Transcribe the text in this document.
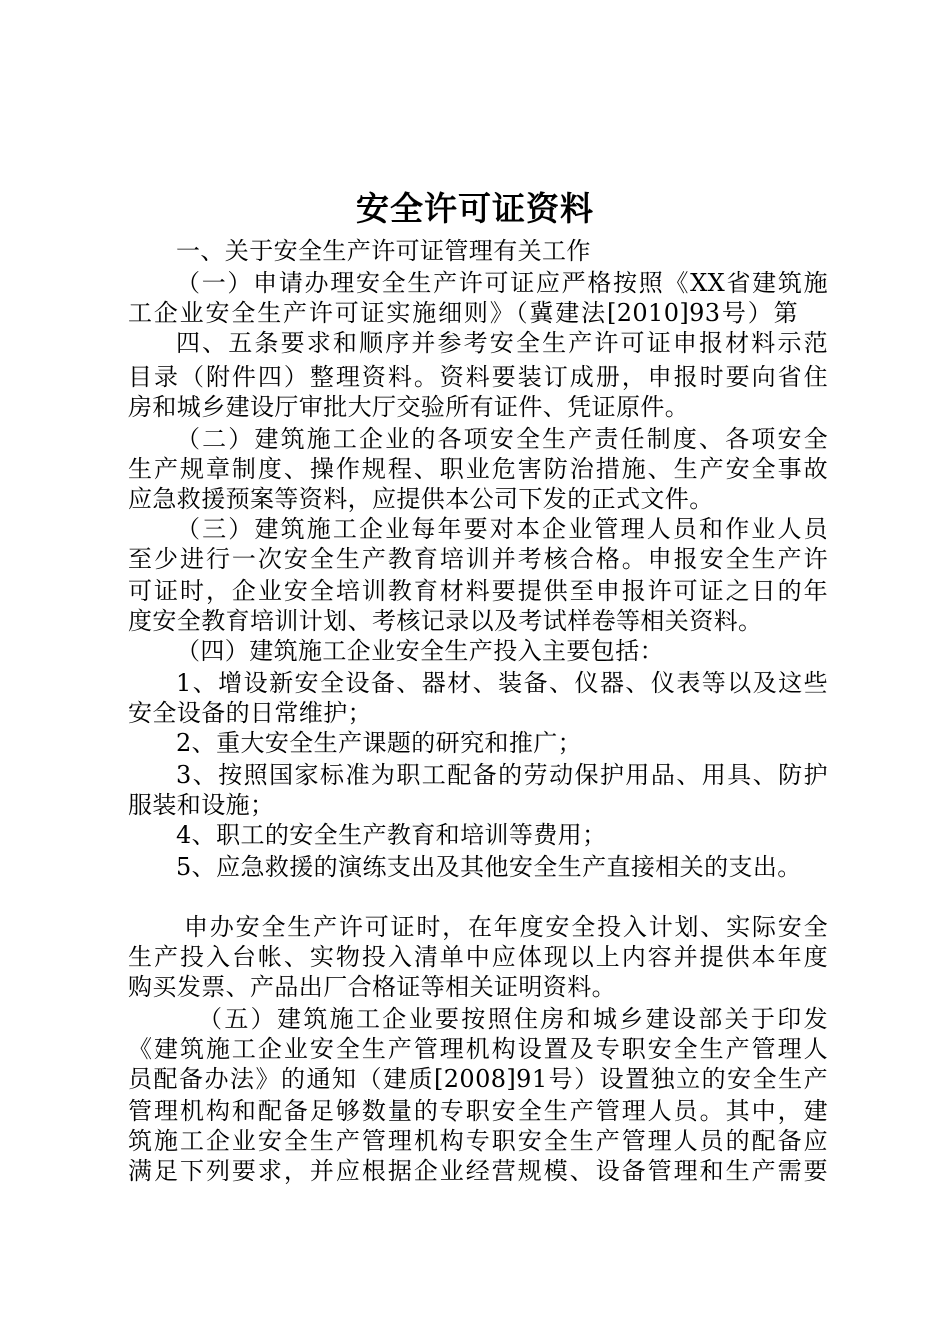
安全许可证资料
一、关于安全生产许可证管理有关工作
（一）申请办理安全生产许可证应严格按照《XX省建筑施
工企业安全生产许可证实施细则》（冀建法[2010]93号）第
四、五条要求和顺序并参考安全生产许可证申报材料示范
目录（附件四）整理资料。资料要装订成册，申报时要向省住
房和城乡建设厅审批大厅交验所有证件、凭证原件。
（二）建筑施工企业的各项安全生产责任制度、各项安全
生产规章制度、操作规程、职业危害防治措施、生产安全事故
应急救援预案等资料，应提供本公司下发的正式文件。
（三）建筑施工企业每年要对本企业管理人员和作业人员
至少进行一次安全生产教育培训并考核合格。申报安全生产许
可证时，企业安全培训教育材料要提供至申报许可证之日的年
度安全教育培训计划、考核记录以及考试样卷等相关资料。
（四）建筑施工企业安全生产投入主要包括：
1、增设新安全设备、器材、装备、仪器、仪表等以及这些
安全设备的日常维护；
2、重大安全生产课题的研究和推广；
3、按照国家标准为职工配备的劳动保护用品、用具、防护
服装和设施；
4、职工的安全生产教育和培训等费用；
5、应急救援的演练支出及其他安全生产直接相关的支出。
申办安全生产许可证时，在年度安全投入计划、实际安全
生产投入台帐、实物投入清单中应体现以上内容并提供本年度
购买发票、产品出厂合格证等相关证明资料。
（五）建筑施工企业要按照住房和城乡建设部关于印发
《建筑施工企业安全生产管理机构设置及专职安全生产管理人
员配备办法》的通知（建质[2008]91号）设置独立的安全生产
管理机构和配备足够数量的专职安全生产管理人员。其中，建
筑施工企业安全生产管理机构专职安全生产管理人员的配备应
满足下列要求，并应根据企业经营规模、设备管理和生产需要
